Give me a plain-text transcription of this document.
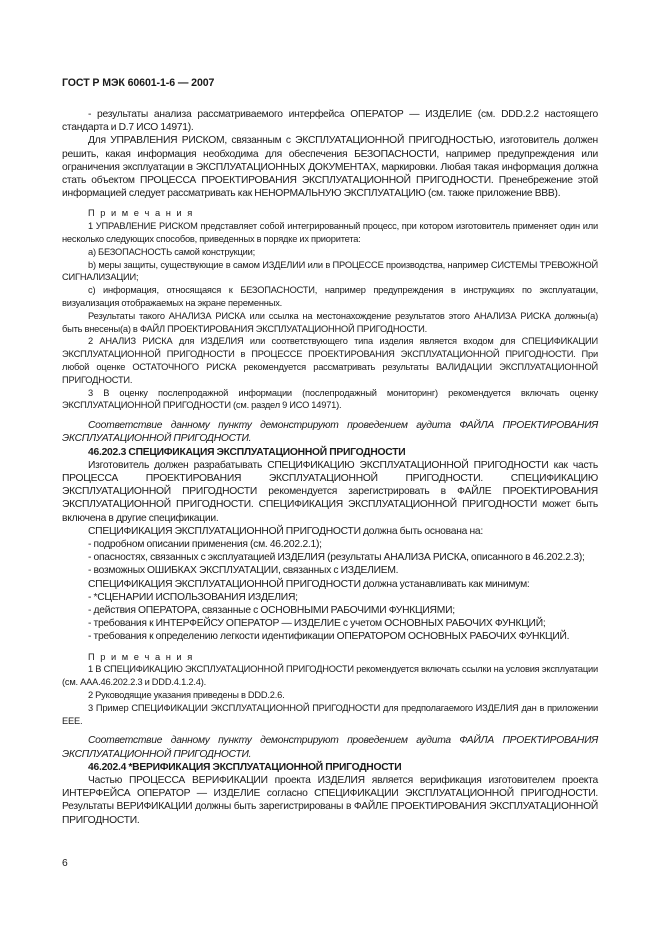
ГОСТ Р МЭК 60601-1-6 — 2007

- результаты анализа рассматриваемого интерфейса ОПЕРАТОР — ИЗДЕЛИЕ (см. DDD.2.2 настоящего стандарта и D.7 ИСО 14971).

Для УПРАВЛЕНИЯ РИСКОМ, связанным с ЭКСПЛУАТАЦИОННОЙ ПРИГОДНОСТЬЮ, изготовитель должен решить, какая информация необходима для обеспечения БЕЗОПАСНОСТИ, например предупреждения или ограничения эксплуатации в ЭКСПЛУАТАЦИОННЫХ ДОКУМЕНТАХ, маркировки. Любая такая информация должна стать объектом ПРОЦЕССА ПРОЕКТИРОВАНИЯ ЭКСПЛУАТАЦИОННОЙ ПРИГОДНОСТИ. Пренебрежение этой информацией следует рассматривать как НЕНОРМАЛЬНУЮ ЭКСПЛУАТАЦИЮ (см. также приложение BBB).

П р и м е ч а н и я

1 УПРАВЛЕНИЕ РИСКОМ представляет собой интегрированный процесс, при котором изготовитель применяет один или несколько следующих способов, приведенных в порядке их приоритета:

а) БЕЗОПАСНОСТЬ самой конструкции;

b) меры защиты, существующие в самом ИЗДЕЛИИ или в ПРОЦЕССЕ производства, например СИСТЕМЫ ТРЕВОЖНОЙ СИГНАЛИЗАЦИИ;

c) информация, относящаяся к БЕЗОПАСНОСТИ, например предупреждения в инструкциях по эксплуатации, визуализация отображаемых на экране переменных.

Результаты такого АНАЛИЗА РИСКА или ссылка на местонахождение результатов этого АНАЛИЗА РИСКА должны(а) быть внесены(а) в ФАЙЛ ПРОЕКТИРОВАНИЯ ЭКСПЛУАТАЦИОННОЙ ПРИГОДНОСТИ.

2 АНАЛИЗ РИСКА для ИЗДЕЛИЯ или соответствующего типа изделия является входом для СПЕЦИФИКАЦИИ ЭКСПЛУАТАЦИОННОЙ ПРИГОДНОСТИ в ПРОЦЕССЕ ПРОЕКТИРОВАНИЯ ЭКСПЛУАТАЦИОННОЙ ПРИГОДНОСТИ. При любой оценке ОСТАТОЧНОГО РИСКА рекомендуется рассматривать результаты ВАЛИДАЦИИ ЭКСПЛУАТАЦИОННОЙ ПРИГОДНОСТИ.

3 В оценку послепродажной информации (послепродажный мониторинг) рекомендуется включать оценку ЭКСПЛУАТАЦИОННОЙ ПРИГОДНОСТИ (см. раздел 9 ИСО 14971).

Соответствие данному пункту демонстрируют проведением аудита ФАЙЛА ПРОЕКТИРОВАНИЯ ЭКСПЛУАТАЦИОННОЙ ПРИГОДНОСТИ.

46.202.3 СПЕЦИФИКАЦИЯ ЭКСПЛУАТАЦИОННОЙ ПРИГОДНОСТИ

Изготовитель должен разрабатывать СПЕЦИФИКАЦИЮ ЭКСПЛУАТАЦИОННОЙ ПРИГОДНОСТИ как часть ПРОЦЕССА ПРОЕКТИРОВАНИЯ ЭКСПЛУАТАЦИОННОЙ ПРИГОДНОСТИ. СПЕЦИФИКАЦИЮ ЭКСПЛУАТАЦИОННОЙ ПРИГОДНОСТИ рекомендуется зарегистрировать в ФАЙЛЕ ПРОЕКТИРОВАНИЯ ЭКСПЛУАТАЦИОННОЙ ПРИГОДНОСТИ. СПЕЦИФИКАЦИЯ ЭКСПЛУАТАЦИОННОЙ ПРИГОДНОСТИ может быть включена в другие спецификации.

СПЕЦИФИКАЦИЯ ЭКСПЛУАТАЦИОННОЙ ПРИГОДНОСТИ должна быть основана на:

- подробном описании применения (см. 46.202.2.1);

- опасностях, связанных с эксплуатацией ИЗДЕЛИЯ (результаты АНАЛИЗА РИСКА, описанного в 46.202.2.3);

- возможных ОШИБКАХ ЭКСПЛУАТАЦИИ, связанных с ИЗДЕЛИЕМ.

СПЕЦИФИКАЦИЯ ЭКСПЛУАТАЦИОННОЙ ПРИГОДНОСТИ должна устанавливать как минимум:

- *СЦЕНАРИИ ИСПОЛЬЗОВАНИЯ ИЗДЕЛИЯ;

- действия ОПЕРАТОРА, связанные с ОСНОВНЫМИ РАБОЧИМИ ФУНКЦИЯМИ;

- требования к ИНТЕРФЕЙСУ ОПЕРАТОР — ИЗДЕЛИЕ с учетом ОСНОВНЫХ РАБОЧИХ ФУНКЦИЙ;

- требования к определению легкости идентификации ОПЕРАТОРОМ ОСНОВНЫХ РАБОЧИХ ФУНКЦИЙ.

П р и м е ч а н и я

1 В СПЕЦИФИКАЦИЮ ЭКСПЛУАТАЦИОННОЙ ПРИГОДНОСТИ рекомендуется включать ссылки на условия эксплуатации (см. AAA.46.202.2.3 и DDD.4.1.2.4).

2 Руководящие указания приведены в DDD.2.6.

3 Пример СПЕЦИФИКАЦИИ ЭКСПЛУАТАЦИОННОЙ ПРИГОДНОСТИ для предполагаемого ИЗДЕЛИЯ дан в приложении EEE.

Соответствие данному пункту демонстрируют проведением аудита ФАЙЛА ПРОЕКТИРОВАНИЯ ЭКСПЛУАТАЦИОННОЙ ПРИГОДНОСТИ.

46.202.4 *ВЕРИФИКАЦИЯ ЭКСПЛУАТАЦИОННОЙ ПРИГОДНОСТИ

Частью ПРОЦЕССА ВЕРИФИКАЦИИ проекта ИЗДЕЛИЯ является верификация изготовителем проекта ИНТЕРФЕЙСА ОПЕРАТОР — ИЗДЕЛИЕ согласно СПЕЦИФИКАЦИИ ЭКСПЛУАТАЦИОННОЙ ПРИГОДНОСТИ. Результаты ВЕРИФИКАЦИИ должны быть зарегистрированы в ФАЙЛЕ ПРОЕКТИРОВАНИЯ ЭКСПЛУАТАЦИОННОЙ ПРИГОДНОСТИ.

6
